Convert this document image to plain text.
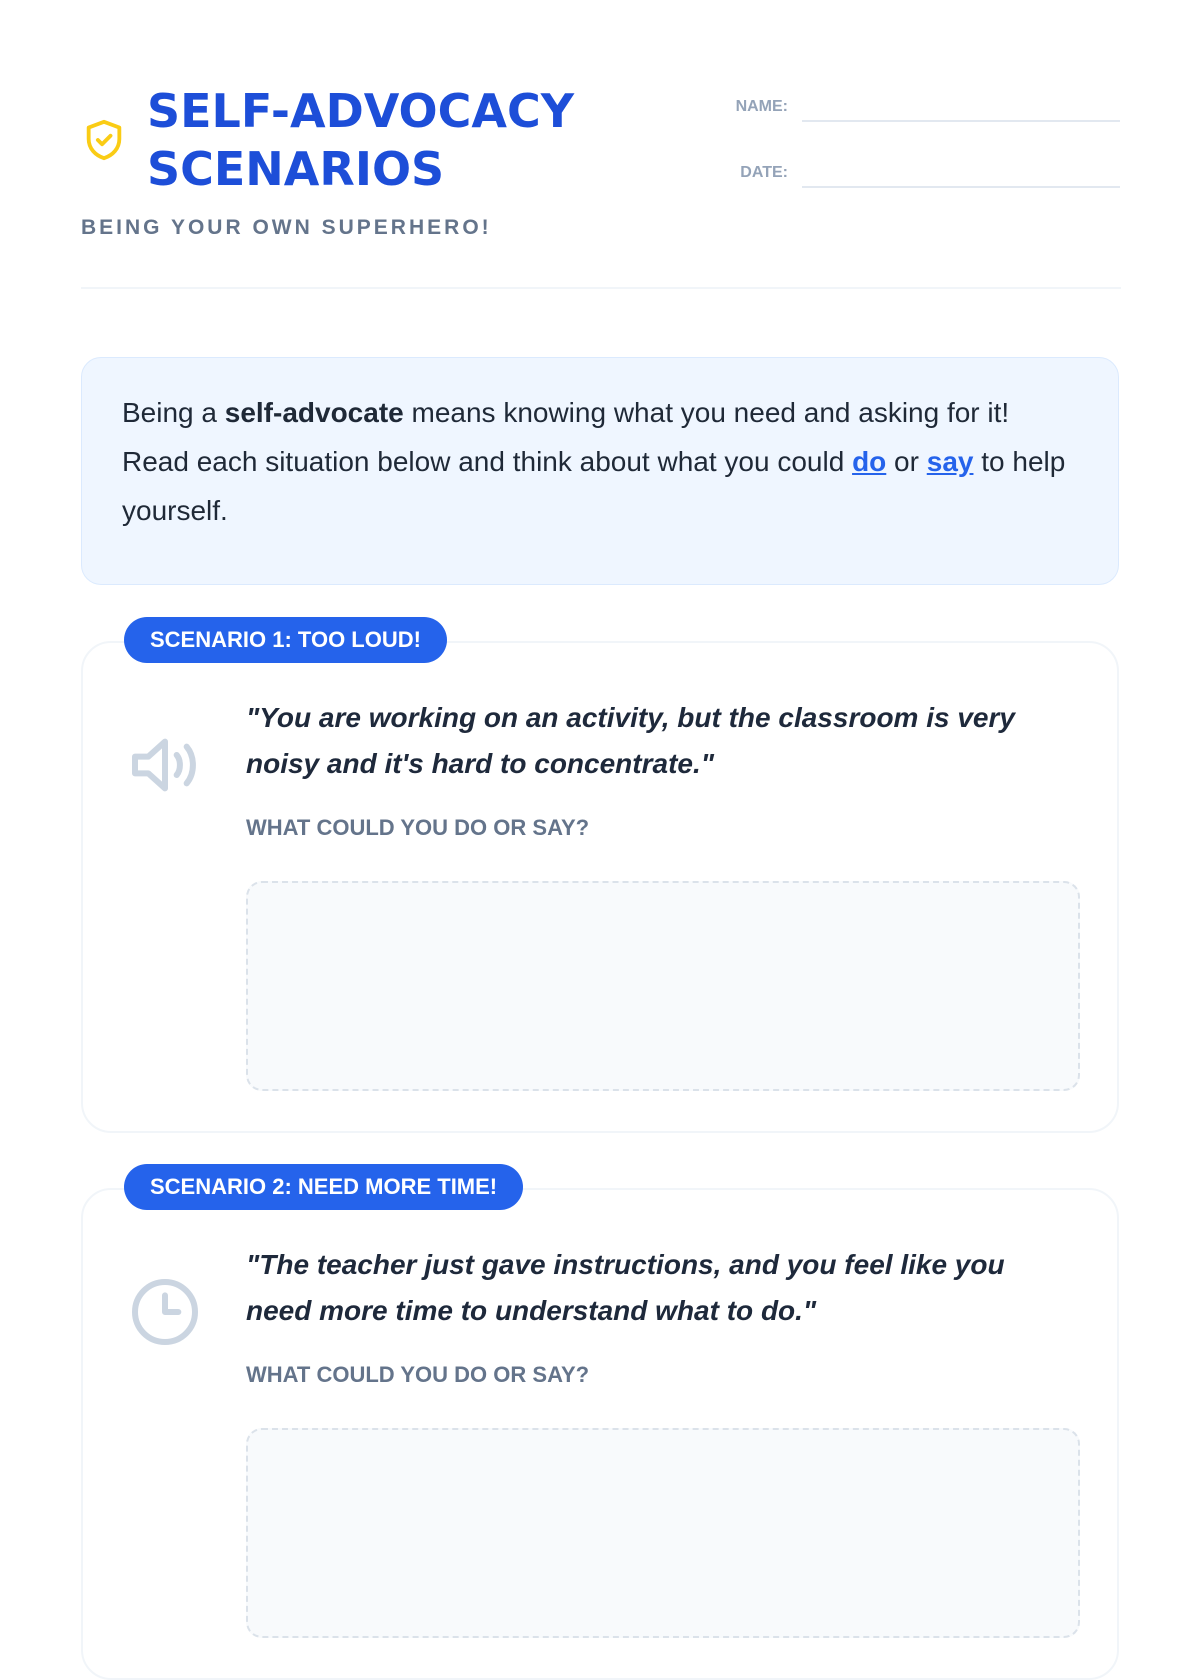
SELF-ADVOCACY
SCENARIOS
BEING YOUR OWN SUPERHERO!
NAME:
DATE:
Being a self-advocate means knowing what you need and asking for it! Read each situation below and think about what you could do or say to help yourself.
"You are working on an activity, but the classroom is very noisy and it's hard to concentrate."
WHAT COULD YOU DO OR SAY?
SCENARIO 1: TOO LOUD!
"The teacher just gave instructions, and you feel like you need more time to understand what to do."
WHAT COULD YOU DO OR SAY?
SCENARIO 2: NEED MORE TIME!
